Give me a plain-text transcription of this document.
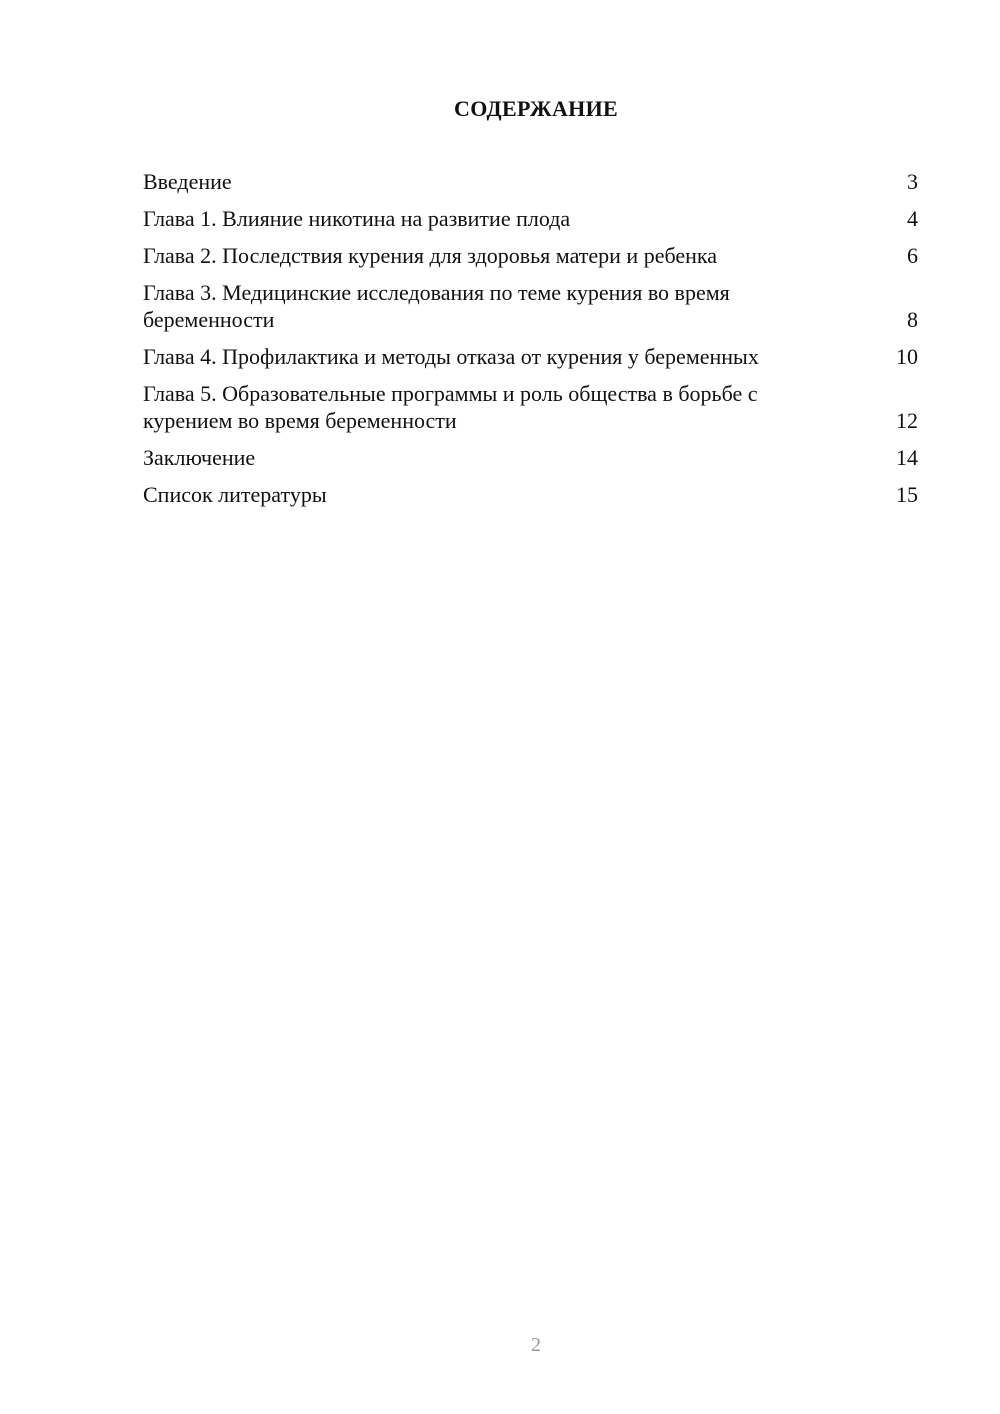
СОДЕРЖАНИЕ
Введение	3
Глава 1. Влияние никотина на развитие плода	4
Глава 2. Последствия курения для здоровья матери и ребенка	6
Глава 3. Медицинские исследования по теме курения во время беременности	8
Глава 4. Профилактика и методы отказа от курения у беременных	10
Глава 5. Образовательные программы и роль общества в борьбе с курением во время беременности	12
Заключение	14
Список литературы	15
2
